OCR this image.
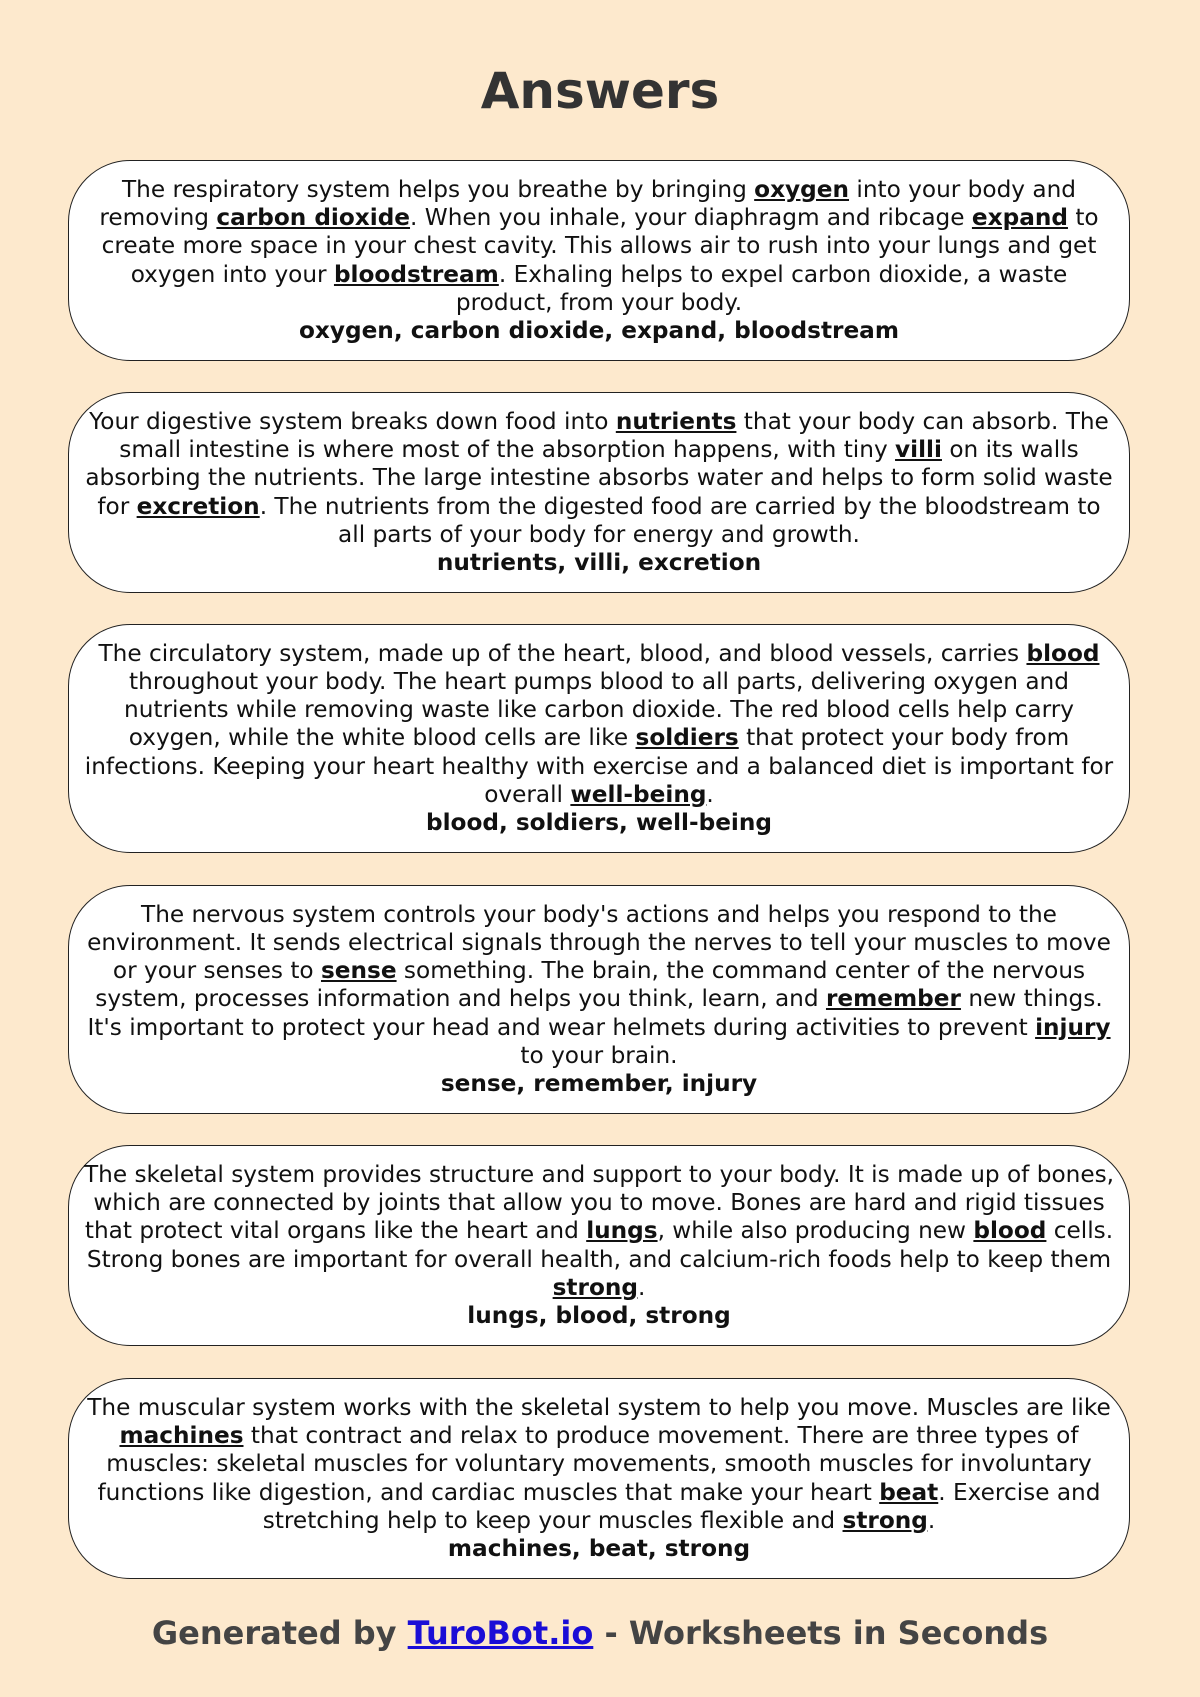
Answers

The respiratory system helps you breathe by bringing oxygen into your body and removing carbon dioxide. When you inhale, your diaphragm and ribcage expand to create more space in your chest cavity. This allows air to rush into your lungs and get oxygen into your bloodstream. Exhaling helps to expel carbon dioxide, a waste product, from your body.

oxygen, carbon dioxide, expand, bloodstream

Your digestive system breaks down food into nutrients that your body can absorb. The small intestine is where most of the absorption happens, with tiny villi on its walls absorbing the nutrients. The large intestine absorbs water and helps to form solid waste for excretion. The nutrients from the digested food are carried by the bloodstream to all parts of your body for energy and growth.

nutrients, villi, excretion

The circulatory system, made up of the heart, blood, and blood vessels, carries blood throughout your body. The heart pumps blood to all parts, delivering oxygen and nutrients while removing waste like carbon dioxide. The red blood cells help carry oxygen, while the white blood cells are like soldiers that protect your body from infections. Keeping your heart healthy with exercise and a balanced diet is important for overall well-being.

blood, soldiers, well-being

The nervous system controls your body's actions and helps you respond to the environment. It sends electrical signals through the nerves to tell your muscles to move or your senses to sense something. The brain, the command center of the nervous system, processes information and helps you think, learn, and remember new things. It's important to protect your head and wear helmets during activities to prevent injury to your brain.

sense, remember, injury

The skeletal system provides structure and support to your body. It is made up of bones, which are connected by joints that allow you to move. Bones are hard and rigid tissues that protect vital organs like the heart and lungs, while also producing new blood cells. Strong bones are important for overall health, and calcium-rich foods help to keep them strong.

lungs, blood, strong

The muscular system works with the skeletal system to help you move. Muscles are like machines that contract and relax to produce movement. There are three types of muscles: skeletal muscles for voluntary movements, smooth muscles for involuntary functions like digestion, and cardiac muscles that make your heart beat. Exercise and stretching help to keep your muscles flexible and strong.

machines, beat, strong

Generated by TuroBot.io - Worksheets in Seconds
